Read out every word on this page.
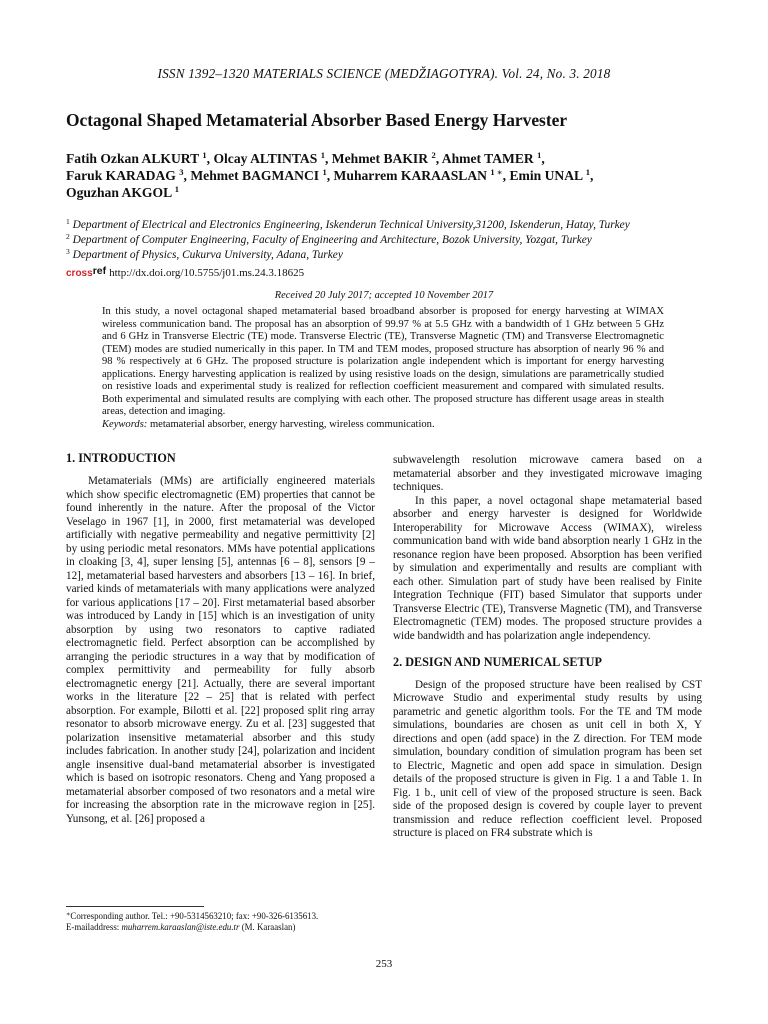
ISSN 1392–1320 MATERIALS SCIENCE (MEDŽIAGOTYRA). Vol. 24, No. 3. 2018
Octagonal Shaped Metamaterial Absorber Based Energy Harvester
Fatih Ozkan ALKURT $^1$, Olcay ALTINTAS $^1$, Mehmet BAKIR $^2$, Ahmet TAMER $^1$,
Faruk KARADAG $^3$, Mehmet BAGMANCI $^1$, Muharrem KARAASLAN $^{1 ∗}$, Emin UNAL $^1$,
Oguzhan AKGOL $^1$
$^1$ Department of Electrical and Electronics Engineering, Iskenderun Technical University,31200, Iskenderun, Hatay, Turkey
$^2$ Department of Computer Engineering, Faculty of Engineering and Architecture, Bozok University, Yozgat, Turkey
$^3$ Department of Physics, Cukurva University, Adana, Turkey
crossref http://dx.doi.org/10.5755/j01.ms.24.3.18625
Received 20 July 2017; accepted 10 November 2017
In this study, a novel octagonal shaped metamaterial based broadband absorber is proposed for energy harvesting at WIMAX wireless communication band. The proposal has an absorption of 99.97 % at 5.5 GHz with a bandwidth of 1 GHz between 5 GHz and 6 GHz in Transverse Electric (TE) mode. Transverse Electric (TE), Transverse Magnetic (TM) and Transverse Electromagnetic (TEM) modes are studied numerically in this paper. In TM and TEM modes, proposed structure has absorption of nearly 96 % and 98 % respectively at 6 GHz. The proposed structure is polarization angle independent which is important for energy harvesting applications. Energy harvesting application is realized by using resistive loads on the design, simulations are parametrically studied on resistive loads and experimental study is realized for reflection coefficient measurement and compared with simulated results. Both experimental and simulated results are complying with each other. The proposed structure has different usage areas in stealth areas, detection and imaging.
Keywords: metamaterial absorber, energy harvesting, wireless communication.
1. INTRODUCTION

Metamaterials (MMs) are artificially engineered materials which show specific electromagnetic (EM) properties that cannot be found inherently in the nature. After the proposal of the Victor Veselago in 1967 [1], in 2000, first metamaterial was developed artificially with negative permeability and negative permittivity [2] by using periodic metal resonators. MMs have potential applications in cloaking [3, 4], super lensing [5], antennas [6 – 8], sensors [9 – 12], metamaterial based harvesters and absorbers [13 – 16]. In brief, varied kinds of metamaterials with many applications were analyzed for various applications [17 – 20]. First metamaterial based absorber was introduced by Landy in [15] which is an investigation of unity absorption by using two resonators to captive radiated electromagnetic field. Perfect absorption can be accomplished by arranging the periodic structures in a way that by modification of complex permittivity and permeability for fully absorb electromagnetic energy [21]. Actually, there are several important works in the literature [22 – 25] that is related with perfect absorption. For example, Bilotti et al. [22] proposed split ring array resonator to absorb microwave energy. Zu et al. [23] suggested that polarization insensitive metamaterial absorber and this study includes fabrication. In another study [24], polarization and incident angle insensitive dual-band metamaterial absorber is investigated which is based on isotropic resonators. Cheng and Yang proposed a metamaterial absorber composed of two resonators and a metal wire for increasing the absorption rate in the microwave region in [25]. Yunsong, et al. [26] proposed a

subwavelength resolution microwave camera based on a metamaterial absorber and they investigated microwave imaging techniques.

In this paper, a novel octagonal shape metamaterial based absorber and energy harvester is designed for Worldwide Interoperability for Microwave Access (WIMAX), wireless communication band with wide band absorption nearly 1 GHz in the resonance region have been proposed. Absorption has been verified by simulation and experimentally and results are compliant with each other. Simulation part of study have been realised by Finite Integration Technique (FIT) based Simulator that supports under Transverse Electric (TE), Transverse Magnetic (TM), and Transverse Electromagnetic (TEM) modes. The proposed structure provides a wide bandwidth and has polarization angle independency.

2. DESIGN AND NUMERICAL SETUP

Design of the proposed structure have been realised by CST Microwave Studio and experimental study results by using parametric and genetic algorithm tools. For the TE and TM mode simulations, boundaries are chosen as unit cell in both X, Y directions and open (add space) in the Z direction. For TEM mode simulation, boundary condition of simulation program has been set to Electric, Magnetic and open add space in simulation. Design details of the proposed structure is given in Fig. 1 a and Table 1. In Fig. 1 b., unit cell of view of the proposed structure is seen. Back side of the proposed design is covered by couple layer to prevent transmission and reduce reflection coefficient level. Proposed structure is placed on FR4 substrate which is

∗Corresponding author. Tel.: +90-5314563210; fax: +90-326-6135613.
E-mailaddress: muharrem.karaaslan@iste.edu.tr (M. Karaaslan)
253
